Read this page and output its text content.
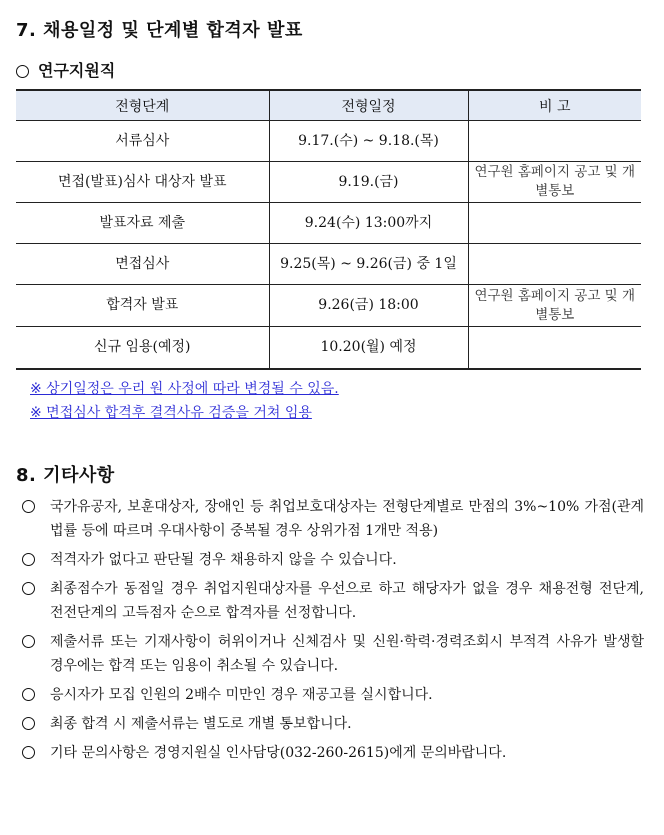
7. 채용일정 및 단계별 합격자 발표
연구지원직
전형단계	전형일정	비 고
서류심사	9.17.(수) ~ 9.18.(목)	
면접(발표)심사 대상자 발표	9.19.(금)	연구원 홈페이지 공고 및 개별통보
발표자료 제출	9.24(수) 13:00까지	
면접심사	9.25(목) ~ 9.26(금) 중 1일	
합격자 발표	9.26(금) 18:00	연구원 홈페이지 공고 및 개별통보
신규 임용(예정)	10.20(월) 예정	
※ 상기일정은 우리 원 사정에 따라 변경될 수 있음.
※ 면접심사 합격후 결격사유 검증을 거쳐 임용
8. 기타사항
국가유공자, 보훈대상자, 장애인 등 취업보호대상자는 전형단계별로 만점의 3%~10% 가점(관계 법률 등에 따르며 우대사항이 중복될 경우 상위가점 1개만 적용)
적격자가 없다고 판단될 경우 채용하지 않을 수 있습니다.
최종점수가 동점일 경우 취업지원대상자를 우선으로 하고 해당자가 없을 경우 채용전형 전단계, 전전단계의 고득점자 순으로 합격자를 선정합니다.
제출서류 또는 기재사항이 허위이거나 신체검사 및 신원·학력·경력조회시 부적격 사유가 발생할 경우에는 합격 또는 임용이 취소될 수 있습니다.
응시자가 모집 인원의 2배수 미만인 경우 재공고를 실시합니다.
최종 합격 시 제출서류는 별도로 개별 통보합니다.
기타 문의사항은 경영지원실 인사담당(032-260-2615)에게 문의바랍니다.
